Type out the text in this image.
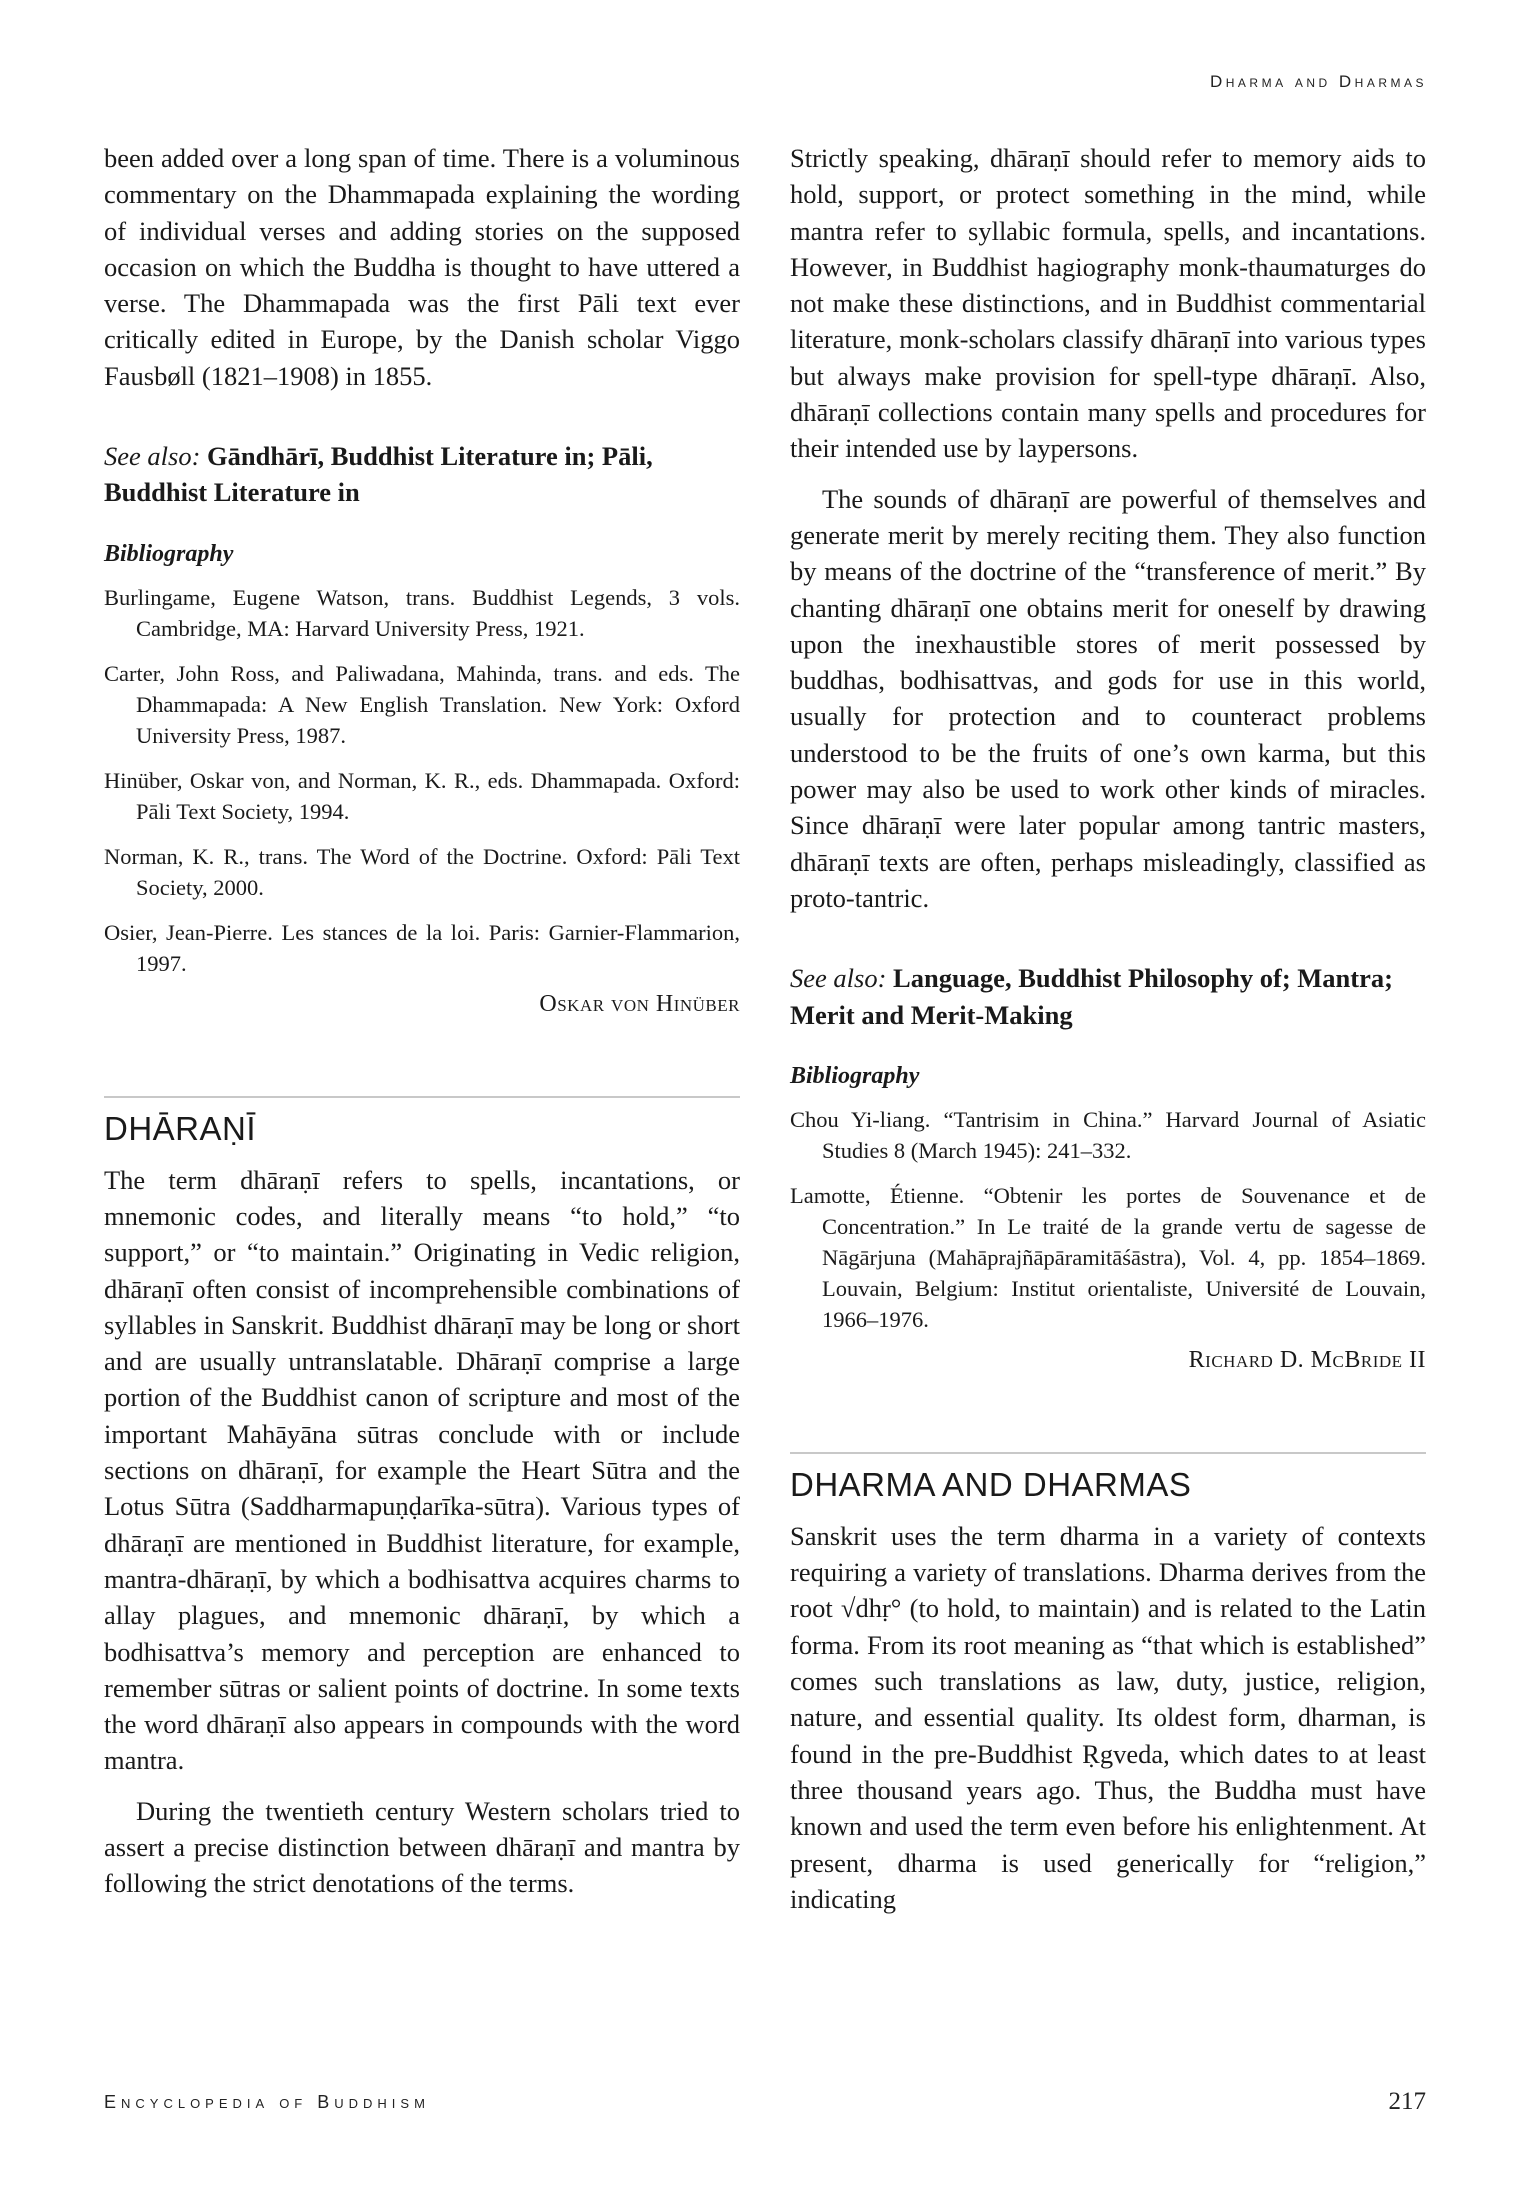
Dharma and Dharmas

been added over a long span of time. There is a voluminous commentary on the Dhammapada explaining the wording of individual verses and adding stories on the supposed occasion on which the Buddha is thought to have uttered a verse. The Dhammapada was the first Pāli text ever critically edited in Europe, by the Danish scholar Viggo Fausbøll (1821–1908) in 1855.

See also: Gāndhārī, Buddhist Literature in; Pāli, Buddhist Literature in

Bibliography

Burlingame, Eugene Watson, trans. Buddhist Legends, 3 vols. Cambridge, MA: Harvard University Press, 1921.

Carter, John Ross, and Paliwadana, Mahinda, trans. and eds. The Dhammapada: A New English Translation. New York: Oxford University Press, 1987.

Hinüber, Oskar von, and Norman, K. R., eds. Dhammapada. Oxford: Pāli Text Society, 1994.

Norman, K. R., trans. The Word of the Doctrine. Oxford: Pāli Text Society, 2000.

Osier, Jean-Pierre. Les stances de la loi. Paris: Garnier-Flammarion, 1997.

Oskar von Hinüber

DHĀRAṆĪ

The term dhāraṇī refers to spells, incantations, or mnemonic codes, and literally means “to hold,” “to support,” or “to maintain.” Originating in Vedic religion, dhāraṇī often consist of incomprehensible combinations of syllables in Sanskrit. Buddhist dhāraṇī may be long or short and are usually untranslatable. Dhāraṇī comprise a large portion of the Buddhist canon of scripture and most of the important Mahāyāna sūtras conclude with or include sections on dhāraṇī, for example the Heart Sūtra and the Lotus Sūtra (Saddharmapuṇḍarīka-sūtra). Various types of dhāraṇī are mentioned in Buddhist literature, for example, mantra-dhāraṇī, by which a bodhisattva acquires charms to allay plagues, and mnemonic dhāraṇī, by which a bodhisattva’s memory and perception are enhanced to remember sūtras or salient points of doctrine. In some texts the word dhāraṇī also appears in compounds with the word mantra.

During the twentieth century Western scholars tried to assert a precise distinction between dhāraṇī and mantra by following the strict denotations of the terms.

Strictly speaking, dhāraṇī should refer to memory aids to hold, support, or protect something in the mind, while mantra refer to syllabic formula, spells, and incantations. However, in Buddhist hagiography monk-thaumaturges do not make these distinctions, and in Buddhist commentarial literature, monk-scholars classify dhāraṇī into various types but always make provision for spell-type dhāraṇī. Also, dhāraṇī collections contain many spells and procedures for their intended use by laypersons.

The sounds of dhāraṇī are powerful of themselves and generate merit by merely reciting them. They also function by means of the doctrine of the “transference of merit.” By chanting dhāraṇī one obtains merit for oneself by drawing upon the inexhaustible stores of merit possessed by buddhas, bodhisattvas, and gods for use in this world, usually for protection and to counteract problems understood to be the fruits of one’s own karma, but this power may also be used to work other kinds of miracles. Since dhāraṇī were later popular among tantric masters, dhāraṇī texts are often, perhaps misleadingly, classified as proto-tantric.

See also: Language, Buddhist Philosophy of; Mantra; Merit and Merit-Making

Bibliography

Chou Yi-liang. “Tantrisim in China.” Harvard Journal of Asiatic Studies 8 (March 1945): 241–332.

Lamotte, Étienne. “Obtenir les portes de Souvenance et de Concentration.” In Le traité de la grande vertu de sagesse de Nāgārjuna (Mahāprajñāpāramitāśāstra), Vol. 4, pp. 1854–1869. Louvain, Belgium: Institut orientaliste, Université de Louvain, 1966–1976.

Richard D. McBride II

DHARMA AND DHARMAS

Sanskrit uses the term dharma in a variety of contexts requiring a variety of translations. Dharma derives from the root √dhṛ° (to hold, to maintain) and is related to the Latin forma. From its root meaning as “that which is established” comes such translations as law, duty, justice, religion, nature, and essential quality. Its oldest form, dharman, is found in the pre-Buddhist Ṛgveda, which dates to at least three thousand years ago. Thus, the Buddha must have known and used the term even before his enlightenment. At present, dharma is used generically for “religion,” indicating

Encyclopedia of Buddhism	217
